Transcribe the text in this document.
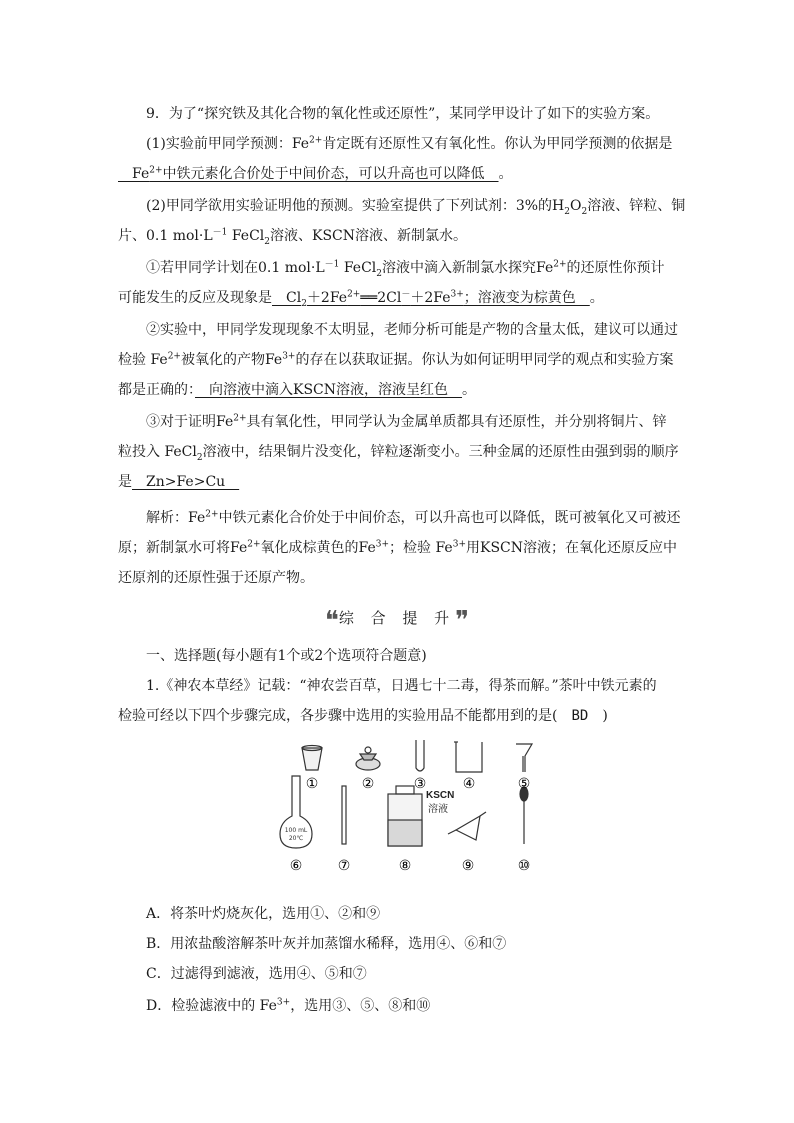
9．为了“探究铁及其化合物的氧化性或还原性”，某同学甲设计了如下的实验方案。
(1)实验前甲同学预测：$Fe^{2+}$肯定既有还原性又有氧化性。你认为甲同学预测的依据是
　$Fe^{2+}$中铁元素化合价处于中间价态，可以升高也可以降低　。
(2)甲同学欲用实验证明他的预测。实验室提供了下列试剂：3%的$H_2O_2$溶液、锌粒、铜
片、0.1 $mol\cdot L^{-1}$ FeCl$_2$溶液、KSCN溶液、新制氯水。
①若甲同学计划在0.1 $mol\cdot L^{-1}$ FeCl$_2$溶液中滴入新制氯水探究$Fe^{2+}$的还原性你预计
可能发生的反应及现象是　$Cl_2+2Fe^{2+}══2Cl^-+2Fe^{3+}$；溶液变为棕黄色　。
②实验中，甲同学发现现象不太明显，老师分析可能是产物的含量太低，建议可以通过
检验 $Fe^{2+}$被氧化的产物$Fe^{3+}$的存在以获取证据。你认为如何证明甲同学的观点和实验方案
都是正确的：　向溶液中滴入KSCN溶液，溶液呈红色　。
③对于证明$Fe^{2+}$具有氧化性，甲同学认为金属单质都具有还原性，并分别将铜片、锌
粒投入 FeCl$_2$溶液中，结果铜片没变化，锌粒逐渐变小。三种金属的还原性由强到弱的顺序
是　Zn>Fe>Cu　
解析：$Fe^{2+}$中铁元素化合价处于中间价态，可以升高也可以降低，既可被氧化又可被还
原；新制氯水可将$Fe^{2+}$氧化成棕黄色的$Fe^{3+}$；检验 $Fe^{3+}$用KSCN溶液；在氧化还原反应中
还原剂的还原性强于还原产物。
❝综 合 提 升❞
一、选择题(每小题有1个或2个选项符合题意)
1.《神农本草经》记载：“神农尝百草，日遇七十二毒，得茶而解。”茶叶中铁元素的
检验可经以下四个步骤完成，各步骤中选用的实验用品不能都用到的是(　BD　)
100 mL
20℃
KSCN
溶液
①	②	③	④	⑤
⑥	⑦	⑧	⑨	⑩
A．将茶叶灼烧灰化，选用①、②和⑨
B．用浓盐酸溶解茶叶灰并加蒸馏水稀释，选用④、⑥和⑦
C．过滤得到滤液，选用④、⑤和⑦
D．检验滤液中的 $Fe^{3+}$，选用③、⑤、⑧和⑩
